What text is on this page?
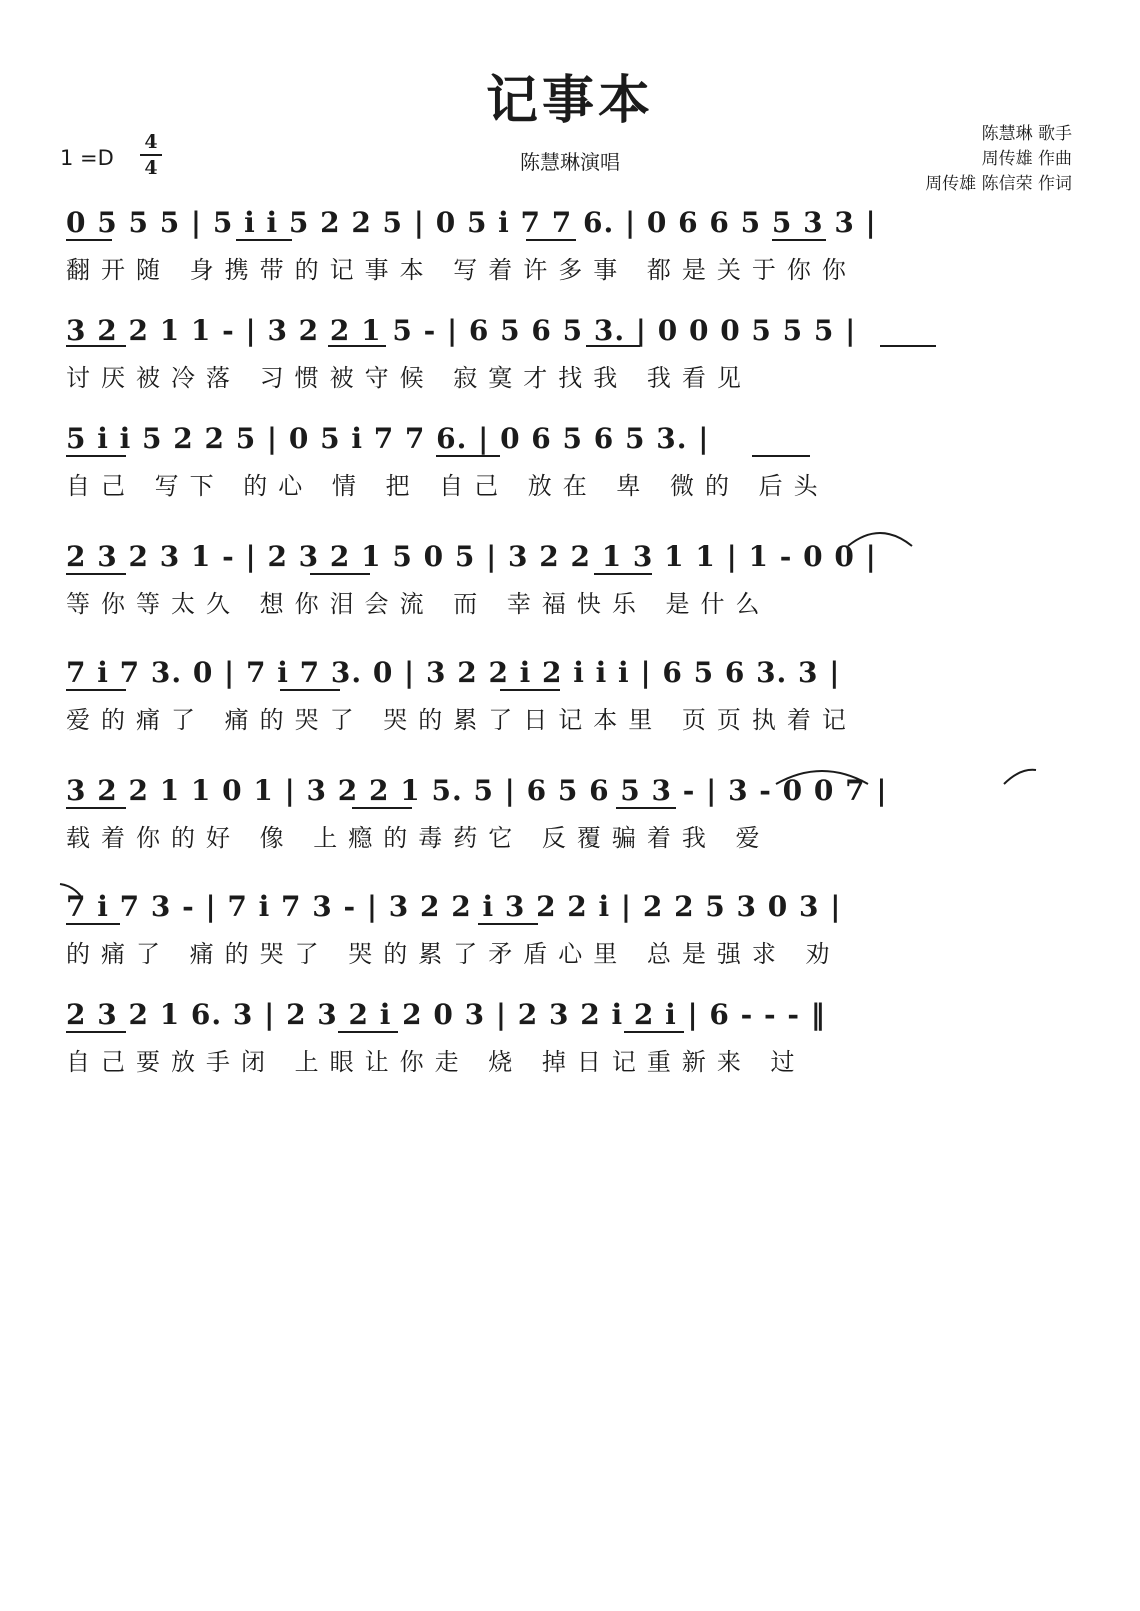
记事本
陈慧琳演唱
1 =D
4
4
陈慧琳 歌手
周传雄 作曲
周传雄 陈信荣 作词
0 5 5 5 | 5 i i 5 2 2 5 | 0 5 i 7 7 6. | 0 6 6 5 5 3 3 |
翻开随 身携带的记事本 写着许多事 都是关于你你
3 2 2 1 1 - | 3 2 2 1 5 - | 6 5 6 5 3. | 0 0 0 5 5 5 |
讨厌被冷落 习惯被守候 寂寞才找我 我看见
5 i i 5 2 2 5 | 0 5 i 7 7 6. | 0 6 5 6 5 3. |
自己 写下 的心 情 把 自己 放在 卑 微的 后头
2 3 2 3 1 - | 2 3 2 1 5 0 5 | 3 2 2 1 3 1 1 | 1 - 0 0 |
等你等太久 想你泪会流 而 幸福快乐 是什么
7 i 7 3. 0 | 7 i 7 3. 0 | 3 2 2 i 2 i i i | 6 5 6 3. 3 |
爱的痛了 痛的哭了 哭的累了日记本里 页页执着记
3 2 2 1 1 0 1 | 3 2 2 1 5. 5 | 6 5 6 5 3 - | 3 - 0 0 7 |
载着你的好 像 上瘾的毒药它 反覆骗着我 爱
7 i 7 3 - | 7 i 7 3 - | 3 2 2 i 3 2 2 i | 2 2 5 3 0 3 |
的痛了 痛的哭了 哭的累了矛盾心里 总是强求 劝
2 3 2 1 6. 3 | 2 3 2 i 2 0 3 | 2 3 2 i 2 i | 6 - - - ‖
自己要放手闭 上眼让你走 烧 掉日记重新来 过
